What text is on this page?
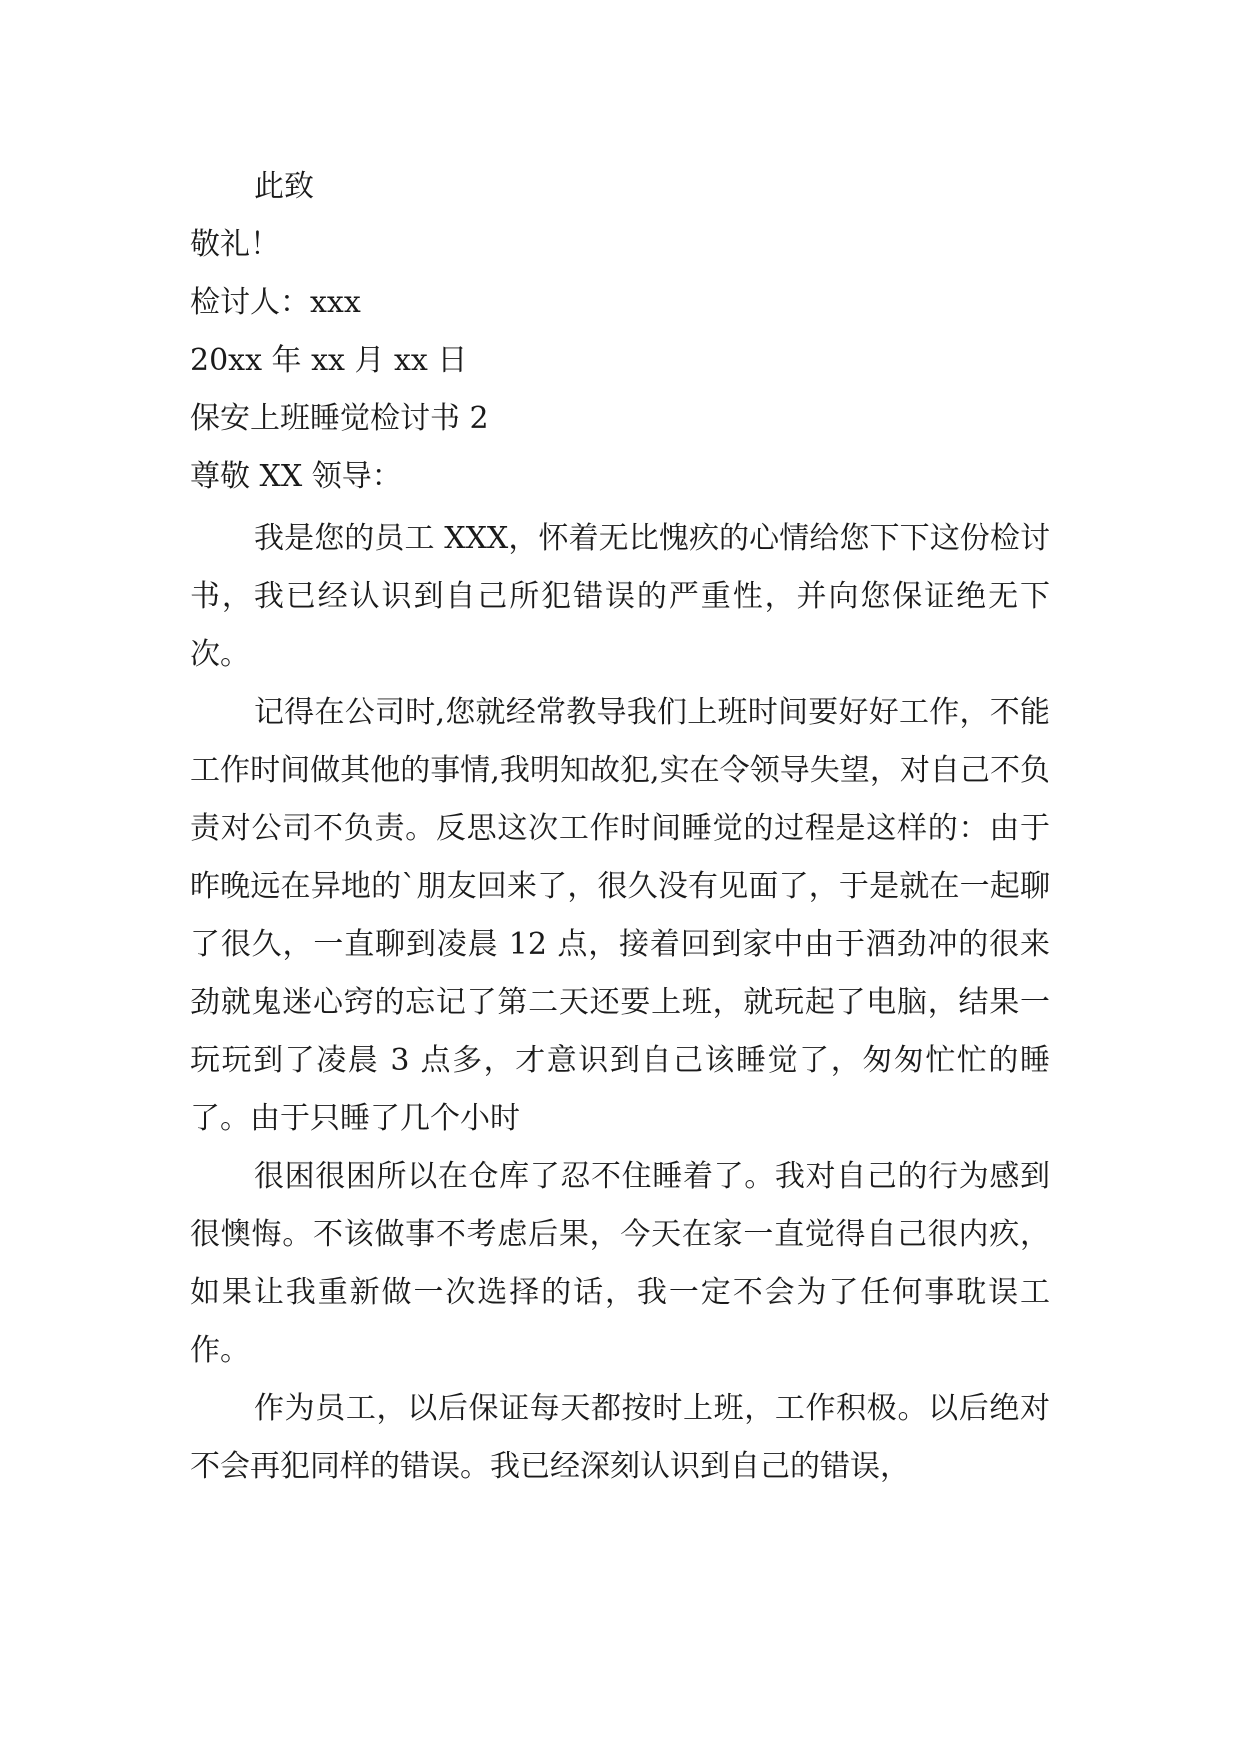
此致
敬礼！
检讨人：xxx
20xx 年 xx 月 xx 日
保安上班睡觉检讨书 2
尊敬 XX 领导：
我是您的员工 XXX，怀着无比愧疚的心情给您下下这份检讨书，我已经认识到自己所犯错误的严重性，并向您保证绝无下次。
记得在公司时,您就经常教导我们上班时间要好好工作，不能工作时间做其他的事情,我明知故犯,实在令领导失望，对自己不负责对公司不负责。反思这次工作时间睡觉的过程是这样的：由于昨晚远在异地的`朋友回来了，很久没有见面了，于是就在一起聊了很久，一直聊到凌晨 12 点，接着回到家中由于酒劲冲的很来劲就鬼迷心窍的忘记了第二天还要上班，就玩起了电脑，结果一玩玩到了凌晨 3 点多，才意识到自己该睡觉了，匆匆忙忙的睡了。由于只睡了几个小时
很困很困所以在仓库了忍不住睡着了。我对自己的行为感到很懊悔。不该做事不考虑后果，今天在家一直觉得自己很内疚，如果让我重新做一次选择的话，我一定不会为了任何事耽误工作。
作为员工，以后保证每天都按时上班，工作积极。以后绝对不会再犯同样的错误。我已经深刻认识到自己的错误，
